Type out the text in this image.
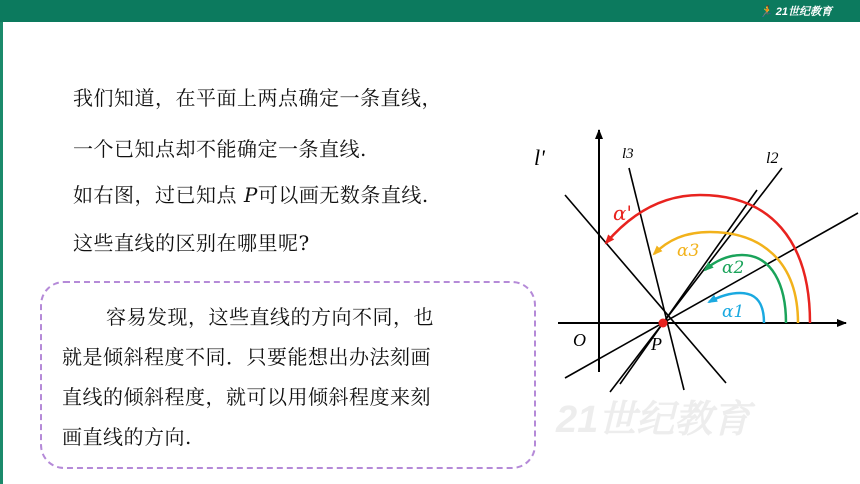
🏃 21世纪教育
我们知道，在平面上两点确定一条直线，
一个已知点却不能确定一条直线.
如右图，过已知点 P可以画无数条直线.
这些直线的区别在哪里呢?
容易发现，这些直线的方向不同，也
就是倾斜程度不同．只要能想出办法刻画
直线的倾斜程度，就可以用倾斜程度来刻
画直线的方向.	21世纪教育
O	P
l'	l3	l2
α'
α3
α2
α1
